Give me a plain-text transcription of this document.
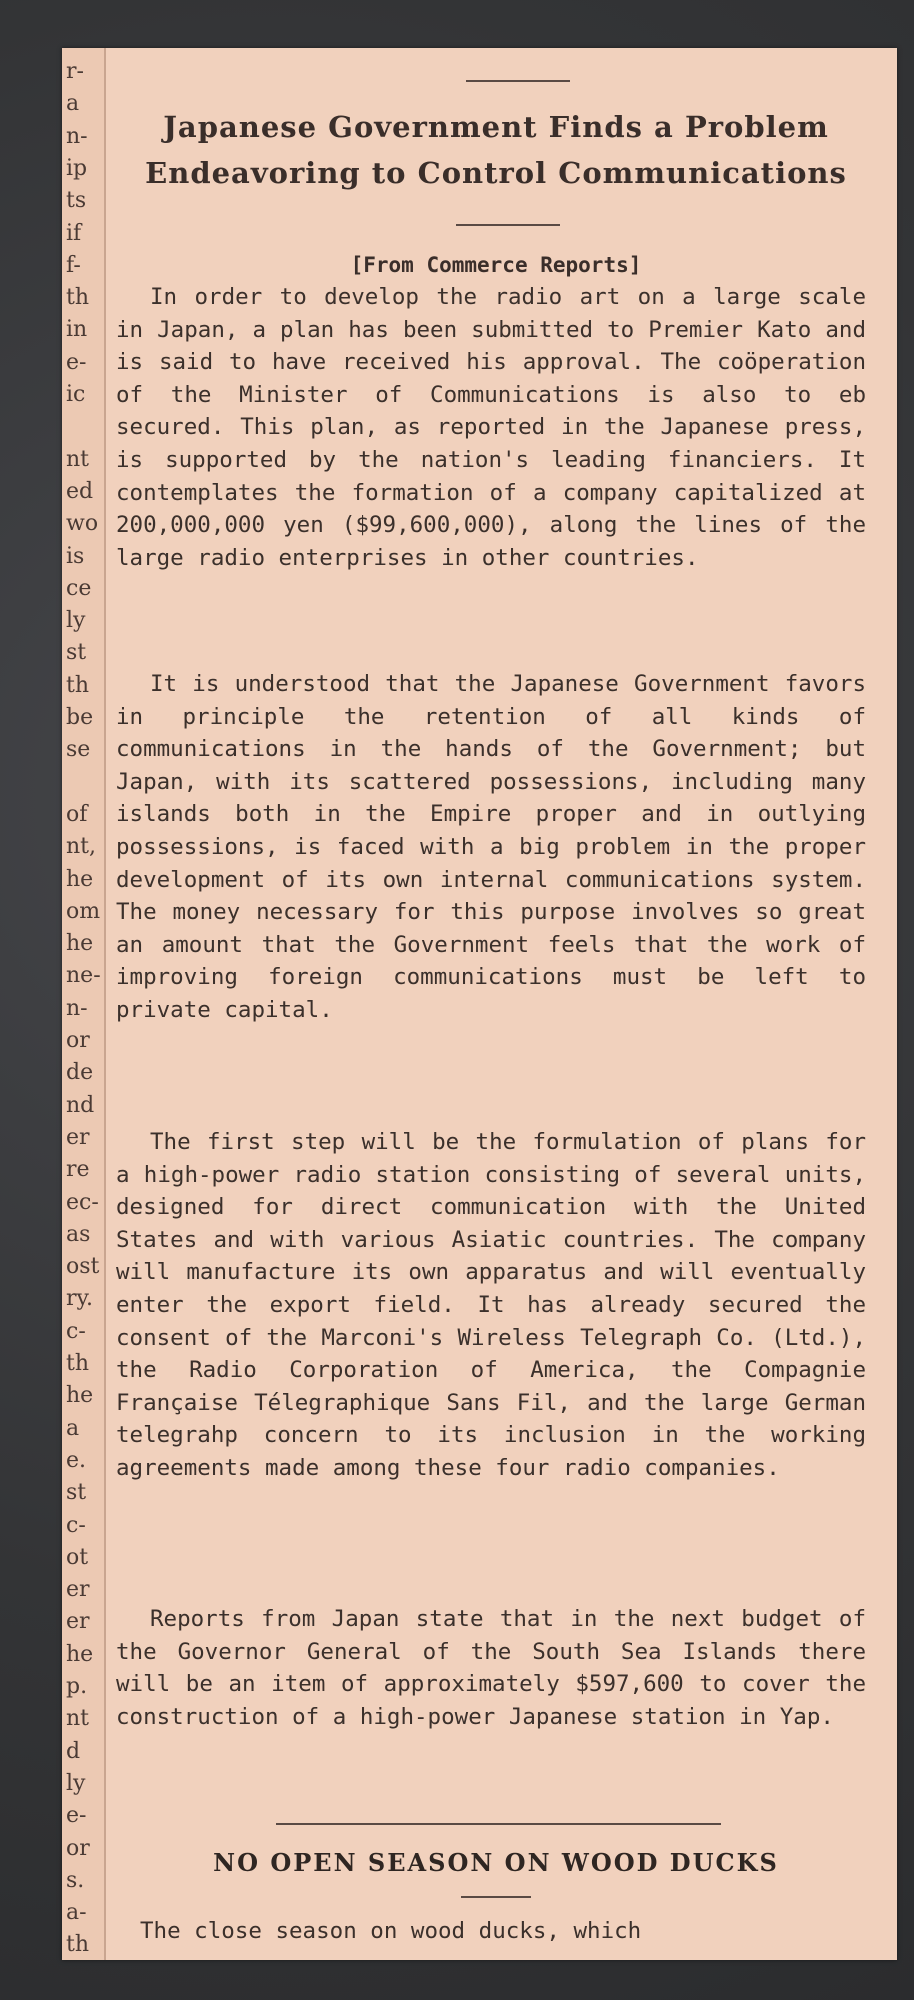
r-
a
n-
ip
ts
if
f-
th
in
e-
ic
nt
ed
wo
is
ce
ly
st
th
be
se
of
nt,
he
om
he
ne-
n-
or
de
nd
er
re
ec-
as
ost
ry.
c-
th
he
a
e.
st
c-
ot
er
er
he
p.
nt
d
ly
e-
or
s.
a-
th
Japanese Government Finds a Problem
Endeavoring to Control Communications
[From Commerce Reports]

In order to develop the radio art on a large scale in Japan, a plan has been submitted to Premier Kato and is said to have received his approval. The coöperation of the Minister of Communications is also to eb secured. This plan, as reported in the Japanese press, is supported by the nation's leading financiers. It contemplates the formation of a company capitalized at 200,000,000 yen ($99,600,000), along the lines of the large radio enterprises in other countries.

It is understood that the Japanese Government favors in principle the retention of all kinds of communications in the hands of the Government; but Japan, with its scattered possessions, including many islands both in the Empire proper and in outlying possessions, is faced with a big problem in the proper development of its own internal communications system. The money necessary for this purpose involves so great an amount that the Government feels that the work of improving foreign communications must be left to private capital.

The first step will be the formulation of plans for a high-power radio station consisting of several units, designed for direct communication with the United States and with various Asiatic countries. The company will manufacture its own apparatus and will eventually enter the export field. It has already secured the consent of the Marconi's Wireless Telegraph Co. (Ltd.), the Radio Corporation of America, the Compagnie Française Télegraphique Sans Fil, and the large German telegrahp concern to its inclusion in the working agreements made among these four radio companies.

Reports from Japan state that in the next budget of the Governor General of the South Sea Islands there will be an item of approximately $597,600 to cover the construction of a high-power Japanese station in Yap.

NO OPEN SEASON ON WOOD DUCKS

The close season on wood ducks, which
